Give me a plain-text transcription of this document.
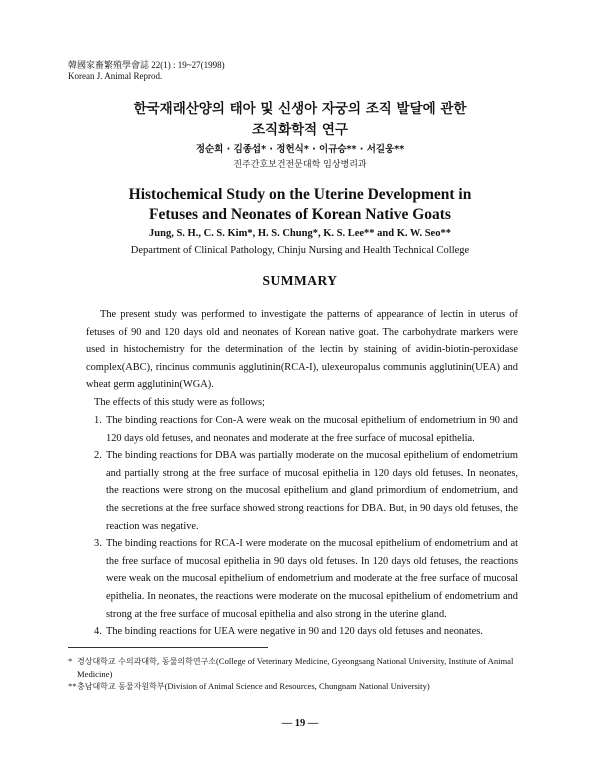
韓國家畜繁殖學會誌 22(1) : 19~27(1998)
Korean J. Animal Reprod.
한국재래산양의 태아 및 신생아 자궁의 조직 발달에 관한
조직화학적 연구
정순희 · 김종섭* · 정헌식* · 이규승** · 서길웅**
진주간호보건전문대학 임상병리과
Histochemical Study on the Uterine Development in
Fetuses and Neonates of Korean Native Goats
Jung, S. H., C. S. Kim*, H. S. Chung*, K. S. Lee** and K. W. Seo**
Department of Clinical Pathology, Chinju Nursing and Health Technical College
SUMMARY
The present study was performed to investigate the patterns of appearance of lectin in uterus of fetuses of 90 and 120 days old and neonates of Korean native goat. The carbohydrate markers were used in histochemistry for the determination of the lectin by staining of avidin-biotin-peroxidase complex(ABC), rincinus communis agglutinin(RCA-I), ulexeuropalus communis agglutinin(UEA) and wheat germ agglutinin(WGA).
The effects of this study were as follows;
1. The binding reactions for Con-A were weak on the mucosal epithelium of endometrium in 90 and 120 days old fetuses, and neonates and moderate at the free surface of mucosal epithelia.
2. The binding reactions for DBA was partially moderate on the mucosal epithelium of endometrium and partially strong at the free surface of mucosal epithelia in 120 days old fetuses. In neonates, the reactions were strong on the mucosal epithelium and gland primordium of endometrium, and the secretions at the free surface showed strong reactions for DBA. But, in 90 days old fetuses, the reaction was negative.
3. The binding reactions for RCA-I were moderate on the mucosal epithelium of endometrium and at the free surface of mucosal epithelia in 90 days old fetuses. In 120 days old fetuses, the reactions were weak on the mucosal epithelium of endometrium and moderate at the free surface of mucosal epithelia. In neonates, the reactions were moderate on the mucosal epithelium of endometrium and strong at the free surface of mucosal epithelia and also strong in the uterine gland.
4. The binding reactions for UEA were negative in 90 and 120 days old fetuses and neonates.
* 경상대학교 수의과대학, 동물의학연구소(College of Veterinary Medicine, Gyeongsang National University, Institute of Animal Medicine)
** 충남대학교 동물자원학부(Division of Animal Science and Resources, Chungnam National University)
— 19 —
